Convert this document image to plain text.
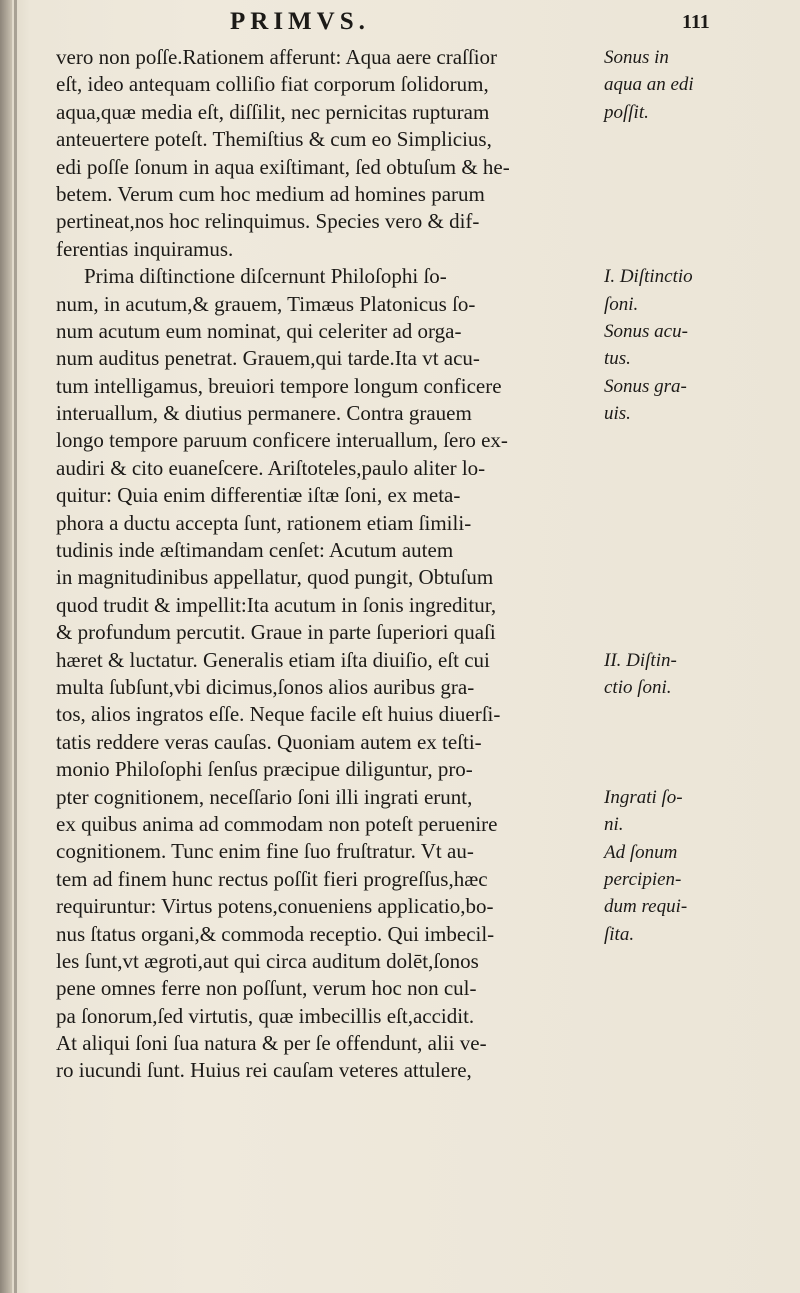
PRIMVS.	111
vero non poſſe.Rationem afferunt: Aqua aere craſſior
eſt, ideo antequam colliſio fiat corporum ſolidorum,
aqua,quæ media eſt, diſſilit, nec pernicitas rupturam
anteuertere poteſt. Themiſtius & cum eo Simplicius,
edi poſſe ſonum in aqua exiſtimant, ſed obtuſum & he-
betem. Verum cum hoc medium ad homines parum
pertineat,nos hoc relinquimus. Species vero & dif-
ferentias inquiramus.
Prima diſtinctione diſcernunt Philoſophi ſo-
num, in acutum,& grauem, Timæus Platonicus ſo-
num acutum eum nominat, qui celeriter ad orga-
num auditus penetrat. Grauem,qui tarde.Ita vt acu-
tum intelligamus, breuiori tempore longum conficere
interuallum, & diutius permanere. Contra grauem
longo tempore paruum conficere interuallum, ſero ex-
audiri & cito euaneſcere. Ariſtoteles,paulo aliter lo-
quitur: Quia enim differentiæ iſtæ ſoni, ex meta-
phora a ductu accepta ſunt, rationem etiam ſimili-
tudinis inde æſtimandam cenſet: Acutum autem
in magnitudinibus appellatur, quod pungit, Obtuſum
quod trudit & impellit:Ita acutum in ſonis ingreditur,
& profundum percutit. Graue in parte ſuperiori quaſi
hæret & luctatur. Generalis etiam iſta diuiſio, eſt cui
multa ſubſunt,vbi dicimus,ſonos alios auribus gra-
tos, alios ingratos eſſe. Neque facile eſt huius diuerſi-
tatis reddere veras cauſas. Quoniam autem ex teſti-
monio Philoſophi ſenſus præcipue diliguntur, pro-
pter cognitionem, neceſſario ſoni illi ingrati erunt,
ex quibus anima ad commodam non poteſt peruenire
cognitionem. Tunc enim fine ſuo fruſtratur. Vt au-
tem ad finem hunc rectus poſſit fieri progreſſus,hæc
requiruntur: Virtus potens,conueniens applicatio,bo-
nus ſtatus organi,& commoda receptio. Qui imbecil-
les ſunt,vt ægroti,aut qui circa auditum dolēt,ſonos
pene omnes ferre non poſſunt, verum hoc non cul-
pa ſonorum,ſed virtutis, quæ imbecillis eſt,accidit.
At aliqui ſoni ſua natura & per ſe offendunt, alii ve-
ro iucundi ſunt. Huius rei cauſam veteres attulere,
Sonus in
aqua an edi
poſſit.
I. Diſtinctio
ſoni.
Sonus acu-
tus.
Sonus gra-
uis.
II. Diſtin-
ctio ſoni.
Ingrati ſo-
ni.
Ad ſonum
percipien-
dum requi-
ſita.
